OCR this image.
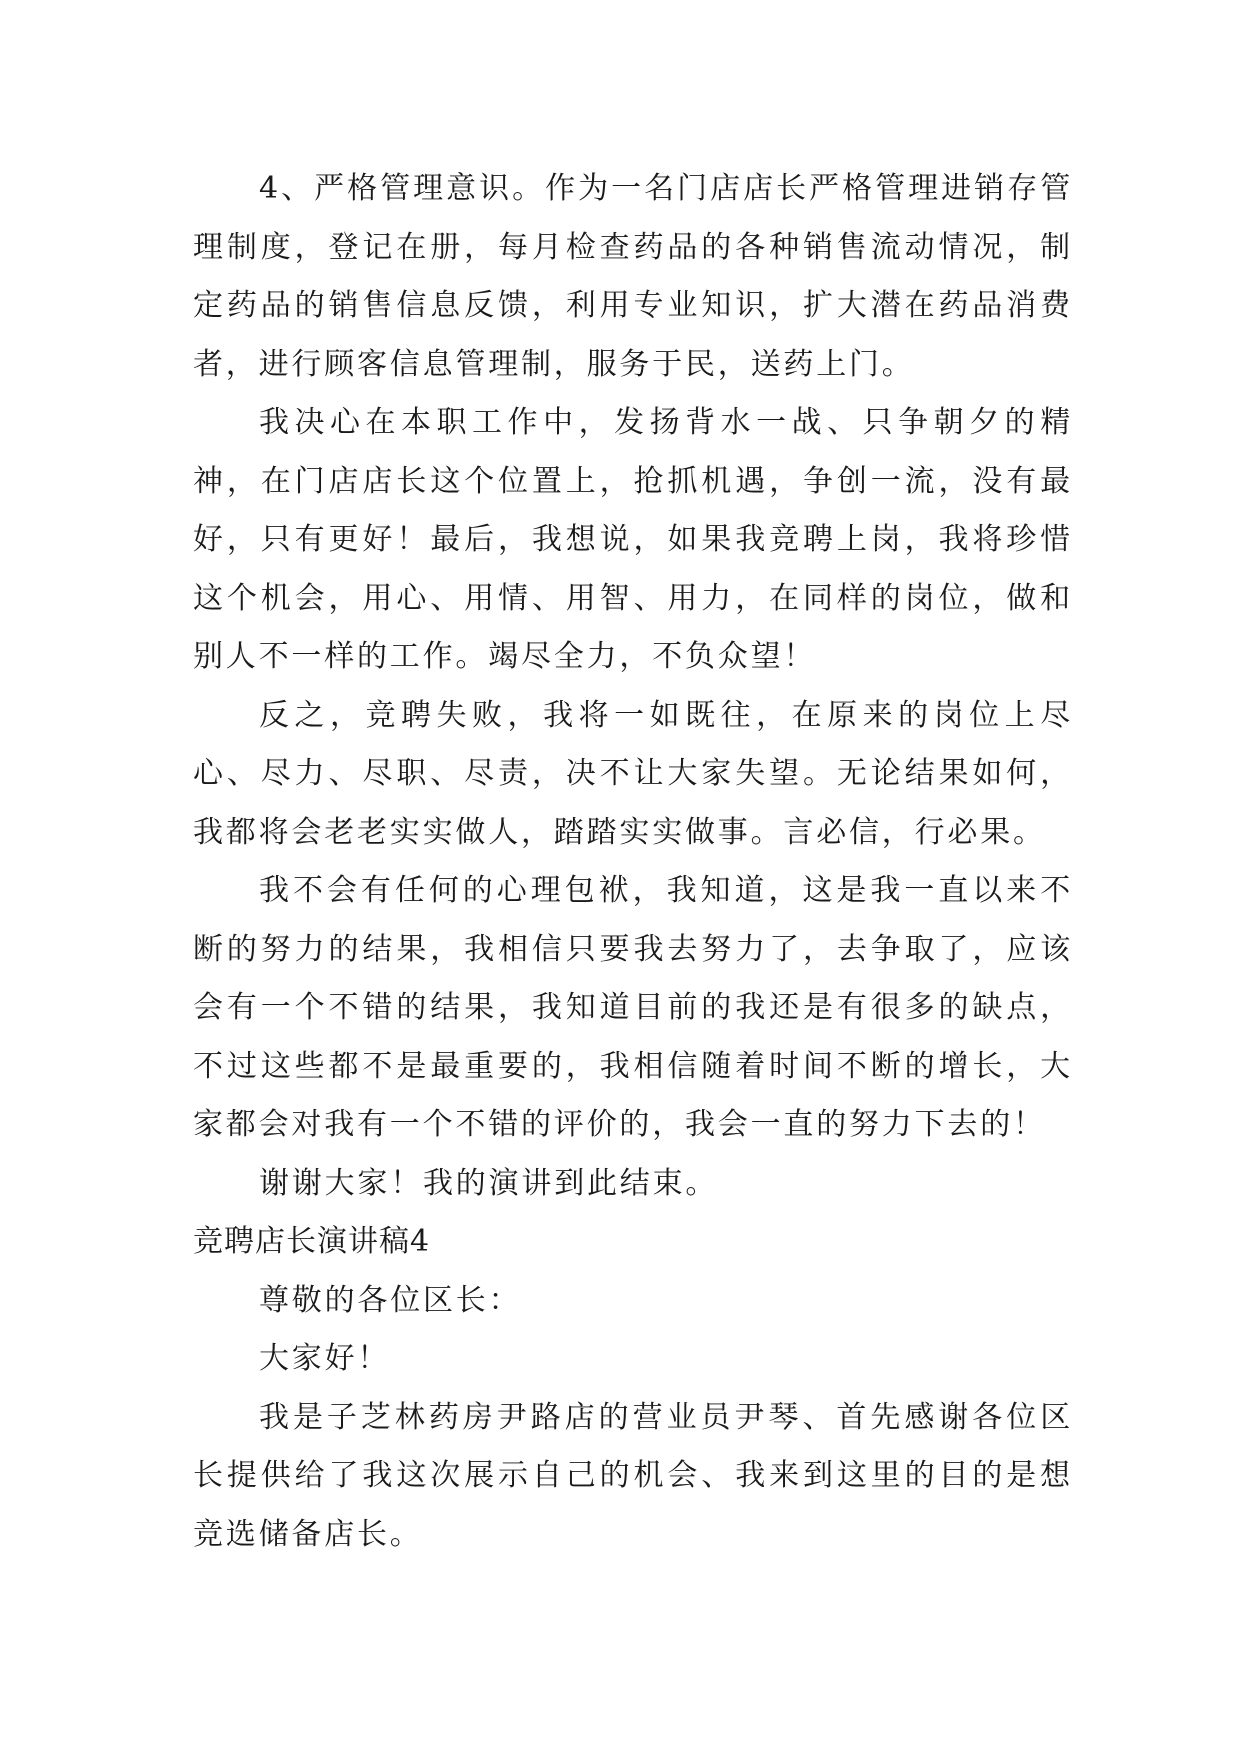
4、严格管理意识。作为一名门店店长严格管理进销存管理制度，登记在册，每月检查药品的各种销售流动情况，制定药品的销售信息反馈，利用专业知识，扩大潜在药品消费者，进行顾客信息管理制，服务于民，送药上门。

我决心在本职工作中，发扬背水一战、只争朝夕的精神，在门店店长这个位置上，抢抓机遇，争创一流，没有最好，只有更好！最后，我想说，如果我竞聘上岗，我将珍惜这个机会，用心、用情、用智、用力，在同样的岗位，做和别人不一样的工作。竭尽全力，不负众望！

反之，竞聘失败，我将一如既往，在原来的岗位上尽心、尽力、尽职、尽责，决不让大家失望。无论结果如何，我都将会老老实实做人，踏踏实实做事。言必信，行必果。

我不会有任何的心理包袱，我知道，这是我一直以来不断的努力的结果，我相信只要我去努力了，去争取了，应该会有一个不错的结果，我知道目前的我还是有很多的缺点，不过这些都不是最重要的，我相信随着时间不断的增长，大家都会对我有一个不错的评价的，我会一直的努力下去的！

谢谢大家！我的演讲到此结束。

竞聘店长演讲稿4

尊敬的各位区长：

大家好！

我是子芝林药房尹路店的营业员尹琴、首先感谢各位区长提供给了我这次展示自己的机会、我来到这里的目的是想竞选储备店长。
